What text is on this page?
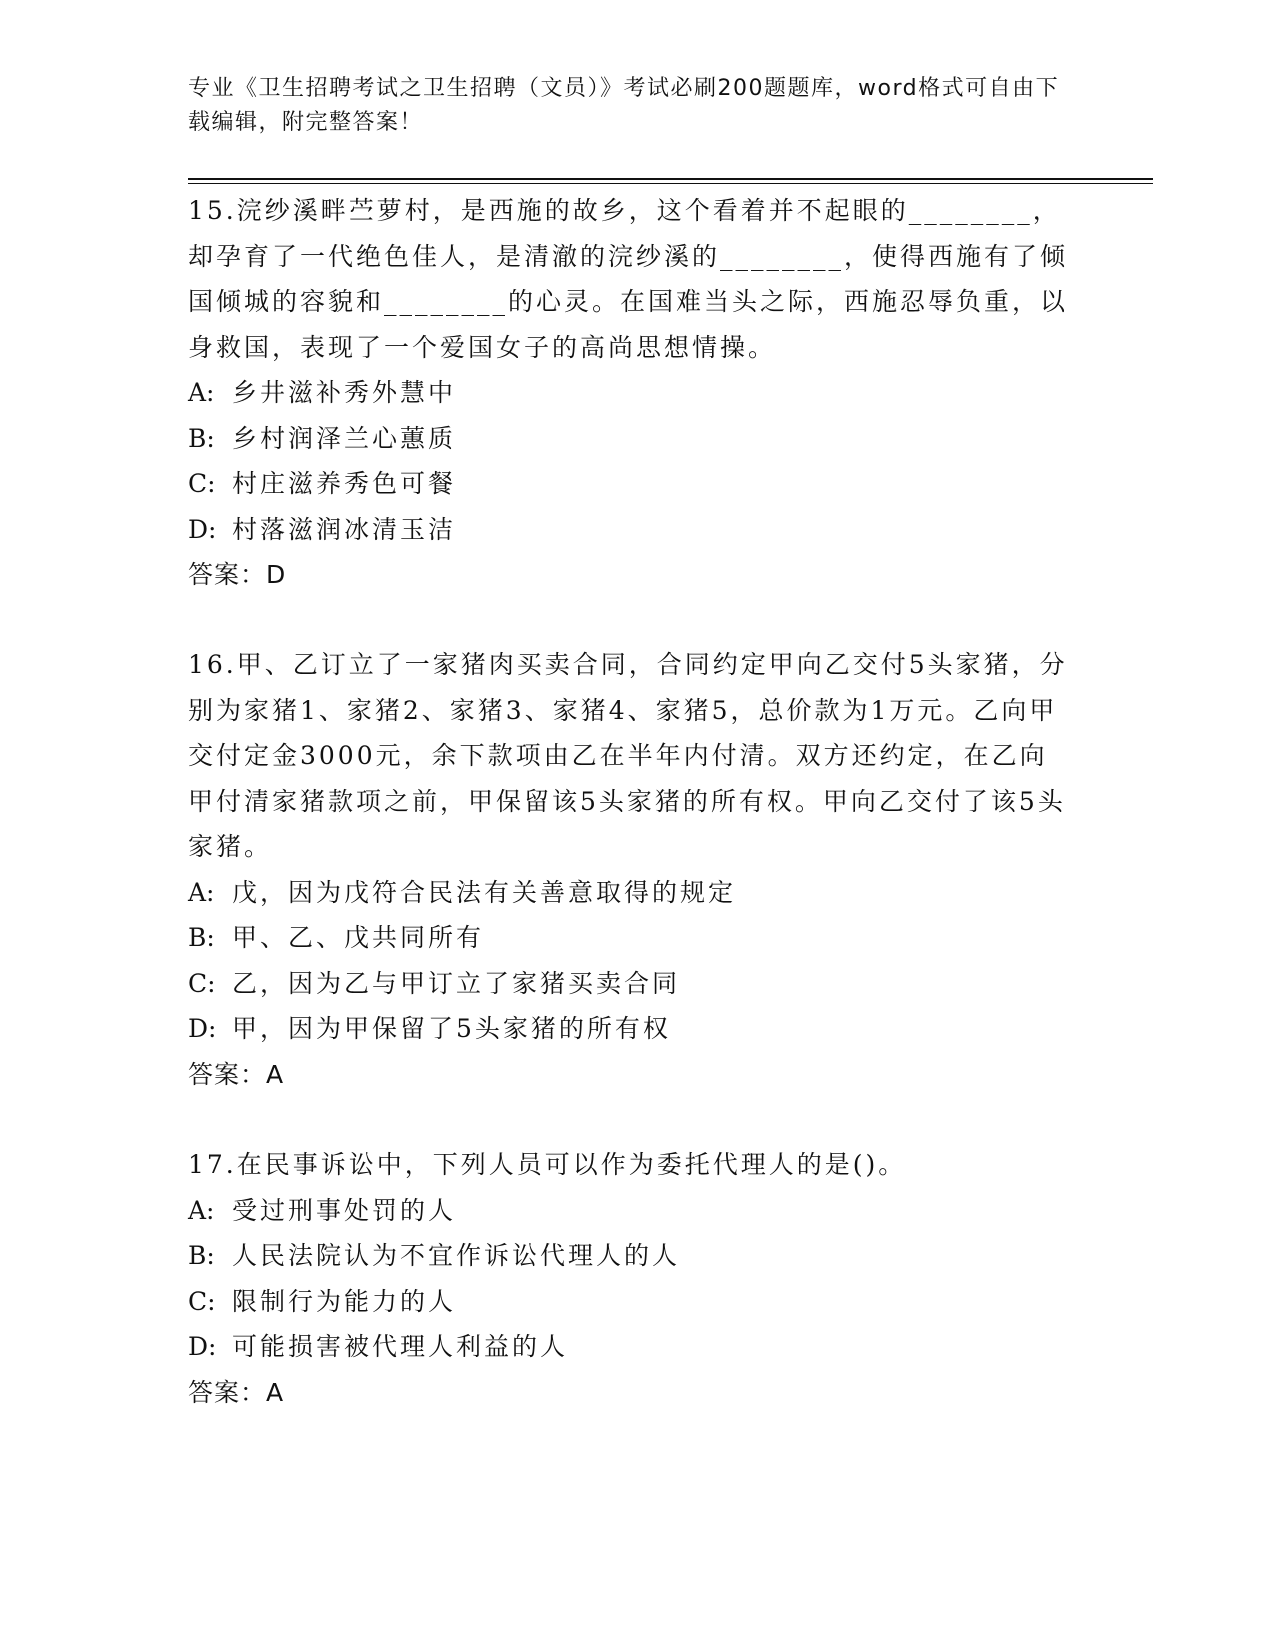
专业《卫生招聘考试之卫生招聘（文员）》考试必刷200题题库，word格式可自由下载编辑，附完整答案！

15.浣纱溪畔苎萝村，是西施的故乡，这个看着并不起眼的________，却孕育了一代绝色佳人，是清澈的浣纱溪的________，使得西施有了倾国倾城的容貌和________的心灵。在国难当头之际，西施忍辱负重，以身救国，表现了一个爱国女子的高尚思想情操。

A: 乡井滋补秀外慧中

B: 乡村润泽兰心蕙质

C: 村庄滋养秀色可餐

D: 村落滋润冰清玉洁

答案：D

16.甲、乙订立了一家猪肉买卖合同，合同约定甲向乙交付5头家猪，分别为家猪1、家猪2、家猪3、家猪4、家猪5，总价款为1万元。乙向甲交付定金3000元，余下款项由乙在半年内付清。双方还约定，在乙向甲付清家猪款项之前，甲保留该5头家猪的所有权。甲向乙交付了该5头家猪。

A: 戊，因为戊符合民法有关善意取得的规定

B: 甲、乙、戊共同所有

C: 乙，因为乙与甲订立了家猪买卖合同

D: 甲，因为甲保留了5头家猪的所有权

答案：A

17.在民事诉讼中，下列人员可以作为委托代理人的是()。

A: 受过刑事处罚的人

B: 人民法院认为不宜作诉讼代理人的人

C: 限制行为能力的人

D: 可能损害被代理人利益的人

答案：A
